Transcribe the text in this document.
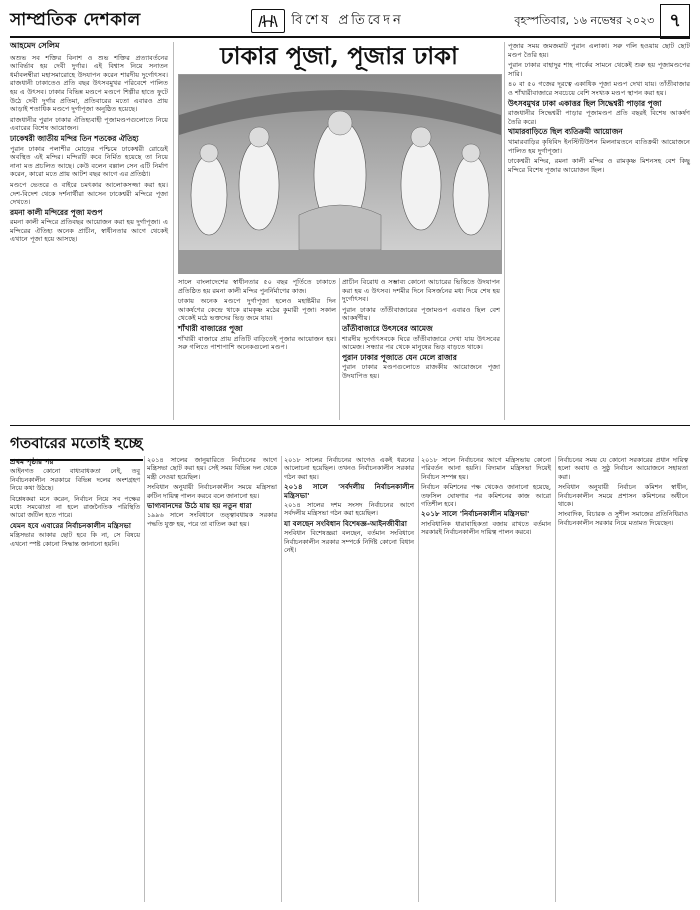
সাম্প্রতিক দেশকাল	বিশেষ প্রতিবেদন	বৃহস্পতিবার, ১৬ নভেম্বর ২০২৩ ৭
আহমেদ সেলিম

অশুভ সব শক্তির বিনাশ ও শুভ শক্তির প্রত্যাবর্তনের আবির্ভাব হয় দেবী দুর্গার। এই বিশ্বাস নিয়ে সনাতন ধর্মাবলম্বীরা মহাসমারোহে উদযাপন করেন শারদীয় দুর্গোৎসব। রাজধানী ঢাকাতেও প্রতি বছর উৎসবমুখর পরিবেশে পালিত হয় এ উৎসব। ঢাকার বিভিন্ন মণ্ডপে মণ্ডপে শিল্পীর হাতে ফুটে উঠে দেবী দুর্গার প্রতিমা, প্রতিবারের মতো এবারও প্রায় আড়াই শতাধিক মণ্ডপে দুর্গাপূজা অনুষ্ঠিত হয়েছে।

রাজধানীর পুরান ঢাকার ঐতিহ্যবাহী পূজামণ্ডপগুলোতে নিয়ে এবারের বিশেষ আয়োজন।

ঢাকেশ্বরী জাতীয় মন্দির তিন শতকের ঐতিহ্য

পুরান ঢাকার পলাশীর মোড়ের পশ্চিমে ঢাকেশ্বরী রোডেই অবস্থিত এই মন্দির। মন্দিরটি কবে নির্মিত হয়েছে তা নিয়ে নানা মত প্রচলিত আছে। কেউ বলেন বল্লাল সেন এটি নির্মাণ করেন, কারো মতে প্রায় আটশ বছর আগে এর প্রতিষ্ঠা।

মণ্ডপে ভেতরে ও বাইরে চমৎকার আলোকসজ্জা করা হয়। দেশ-বিদেশ থেকে দর্শনার্থীরা আসেন ঢাকেশ্বরী মন্দিরে পূজা দেখতে।

রমনা কালী মন্দিরের পূজা মণ্ডপ

রমনা কালী মন্দিরে প্রতিবছর আয়োজন করা হয় দুর্গাপূজা। এ মন্দিরের ঐতিহ্য অনেক প্রাচীন, স্বাধীনতার আগে থেকেই এখানে পূজা হয়ে আসছে।

ঢাকার পূজা, পূজার ঢাকা

সালে বাংলাদেশের স্বাধীনতার ৫০ বছর পূর্তিতে ঢাকাতে প্রতিষ্ঠিত হয় রমনা কালী মন্দির পুনর্নির্মাণের কাজ।

ঢাকায় অনেক মণ্ডপে দুর্গাপূজা হলেও মহাষ্টমীর দিন আকর্ষণের কেন্দ্রে থাকে রামকৃষ্ণ মঠের কুমারী পূজা। সকাল থেকেই মঠে ভক্তদের ভিড় জমে যায়।

শাঁখারী বাজারের পূজা

শাঁখারী বাজারে প্রায় প্রতিটি বাড়িতেই পূজার আয়োজন হয়। সরু গলিতে পাশাপাশি অনেকগুলো মণ্ডপ।

প্রাচীন বিরোধ ও সম্ভাব্য কোনো আচারের ভিত্তিতে উদযাপন করা হয় এ উৎসব। দশমীর দিনে বিসর্জনের মধ্য দিয়ে শেষ হয় দুর্গোৎসব।

পুরান ঢাকার তাঁতীবাজারের পূজামণ্ডপ এবারও ছিল বেশ আকর্ষণীয়।

তাঁতীবাজারে উৎসবের আমেজ

শারদীয় দুর্গোৎসবকে ঘিরে তাঁতীবাজারে দেখা যায় উৎসবের আমেজ। সন্ধ্যার পর থেকে মানুষের ভিড় বাড়তে থাকে।

পুরান ঢাকার পূজাতে যেন মেলে রাজার

পুরান ঢাকার মণ্ডপগুলোতে রাজকীয় আয়োজনে পূজা উদযাপিত হয়।

পূজার সময় জমজমাট পুরান এলাকা। সরু গলি হওয়ায় ছোট ছোট মণ্ডপ তৈরি হয়।

পুরান ঢাকার বাহাদুর শাহ পার্কের সামনে থেকেই শুরু হয় পূজামণ্ডপের সারি।

৪০ বা ৫০ গজের দূরত্বে একাধিক পূজা মণ্ডপ দেখা যায়। তাঁতীবাজার ও শাঁখারীবাজারে সবচেয়ে বেশি সংখ্যক মণ্ডপ স্থাপন করা হয়।

উৎসবমুখর ঢাকা একাত্তর ছিল সিদ্ধেশ্বরী পাড়ার পূজা

রাজধানীর সিদ্ধেশ্বরী পাড়ার পূজামণ্ডপ প্রতি বছরই বিশেষ আকর্ষণ তৈরি করে।

খামারবাড়িতে ছিল ব্যতিক্রমী আয়োজন

খামারবাড়ির কৃষিবিদ ইনস্টিটিউশন মিলনায়তনে ব্যতিক্রমী আয়োজনে পালিত হয় দুর্গাপূজা।

ঢাকেশ্বরী মন্দির, রমনা কালী মন্দির ও রামকৃষ্ণ মিশনসহ বেশ কিছু মন্দিরে বিশেষ পূজার আয়োজন ছিল।

গতবারের মতোই হচ্ছে
প্রথম পৃষ্ঠার পর

আইনগত কোনো বাধ্যবাধকতা নেই, তবু নির্বাচনকালীন সরকারে বিভিন্ন দলের অংশগ্রহণ নিয়ে কথা উঠছে।

বিশ্লেষকরা মনে করেন, নির্বাচন নিয়ে সব পক্ষের মধ্যে সমঝোতা না হলে রাজনৈতিক পরিস্থিতি আরো জটিল হতে পারে।

যেমন হবে এবারের নির্বাচনকালীন মন্ত্রিসভা

মন্ত্রিসভার আকার ছোট হবে কি না, সে বিষয়ে এখনো স্পষ্ট কোনো সিদ্ধান্ত জানানো হয়নি।

২০১৪ সালের জানুয়ারিতে নির্বাচনের আগে মন্ত্রিসভা ছোট করা হয়। সেই সময় বিভিন্ন দল থেকে মন্ত্রী নেওয়া হয়েছিল।

সংবিধান অনুযায়ী নির্বাচনকালীন সময়ে মন্ত্রিসভা রুটিন দায়িত্ব পালন করবে বলে জানানো হয়।

ভাগ্যবানদের উঠে যায় হয় নতুন ধারা

১৯৯৬ সালে সংবিধানে তত্ত্বাবধায়ক সরকার পদ্ধতি যুক্ত হয়, পরে তা বাতিল করা হয়।

২০১৮ সালের নির্বাচনের আগেও একই ধরনের আলোচনা হয়েছিল। তখনও নির্বাচনকালীন সরকার গঠন করা হয়।

২০১৪ সালে 'সর্বদলীয় নির্বাচনকালীন মন্ত্রিসভা'

২০১৪ সালের দশম সংসদ নির্বাচনের আগে সর্বদলীয় মন্ত্রিসভা গঠন করা হয়েছিল।

যা বলছেন সংবিধান বিশেষজ্ঞ-আইনজীবীরা

সংবিধান বিশেষজ্ঞরা বলছেন, বর্তমান সংবিধানে নির্বাচনকালীন সরকার সম্পর্কে নির্দিষ্ট কোনো বিধান নেই।

২০১৮ সালে নির্বাচনের আগে মন্ত্রিসভায় কোনো পরিবর্তন আনা হয়নি। বিদ্যমান মন্ত্রিসভা দিয়েই নির্বাচন সম্পন্ন হয়।

নির্বাচন কমিশনের পক্ষ থেকেও জানানো হয়েছে, তফসিল ঘোষণার পর কমিশনের কাজ আরো গতিশীল হবে।

২০১৮ সালে 'নির্বাচনকালীন মন্ত্রিসভা'

সাংবিধানিক ধারাবাহিকতা বজায় রাখতে বর্তমান সরকারই নির্বাচনকালীন দায়িত্ব পালন করবে।

নির্বাচনের সময় যে কোনো সরকারের প্রধান দায়িত্ব হলো অবাধ ও সুষ্ঠু নির্বাচন আয়োজনে সহায়তা করা।

সংবিধান অনুযায়ী নির্বাচন কমিশন স্বাধীন, নির্বাচনকালীন সময়ে প্রশাসন কমিশনের অধীনে থাকে।

সাংবাদিক, বিচারক ও সুশীল সমাজের প্রতিনিধিরাও নির্বাচনকালীন সরকার নিয়ে মতামত দিয়েছেন।
